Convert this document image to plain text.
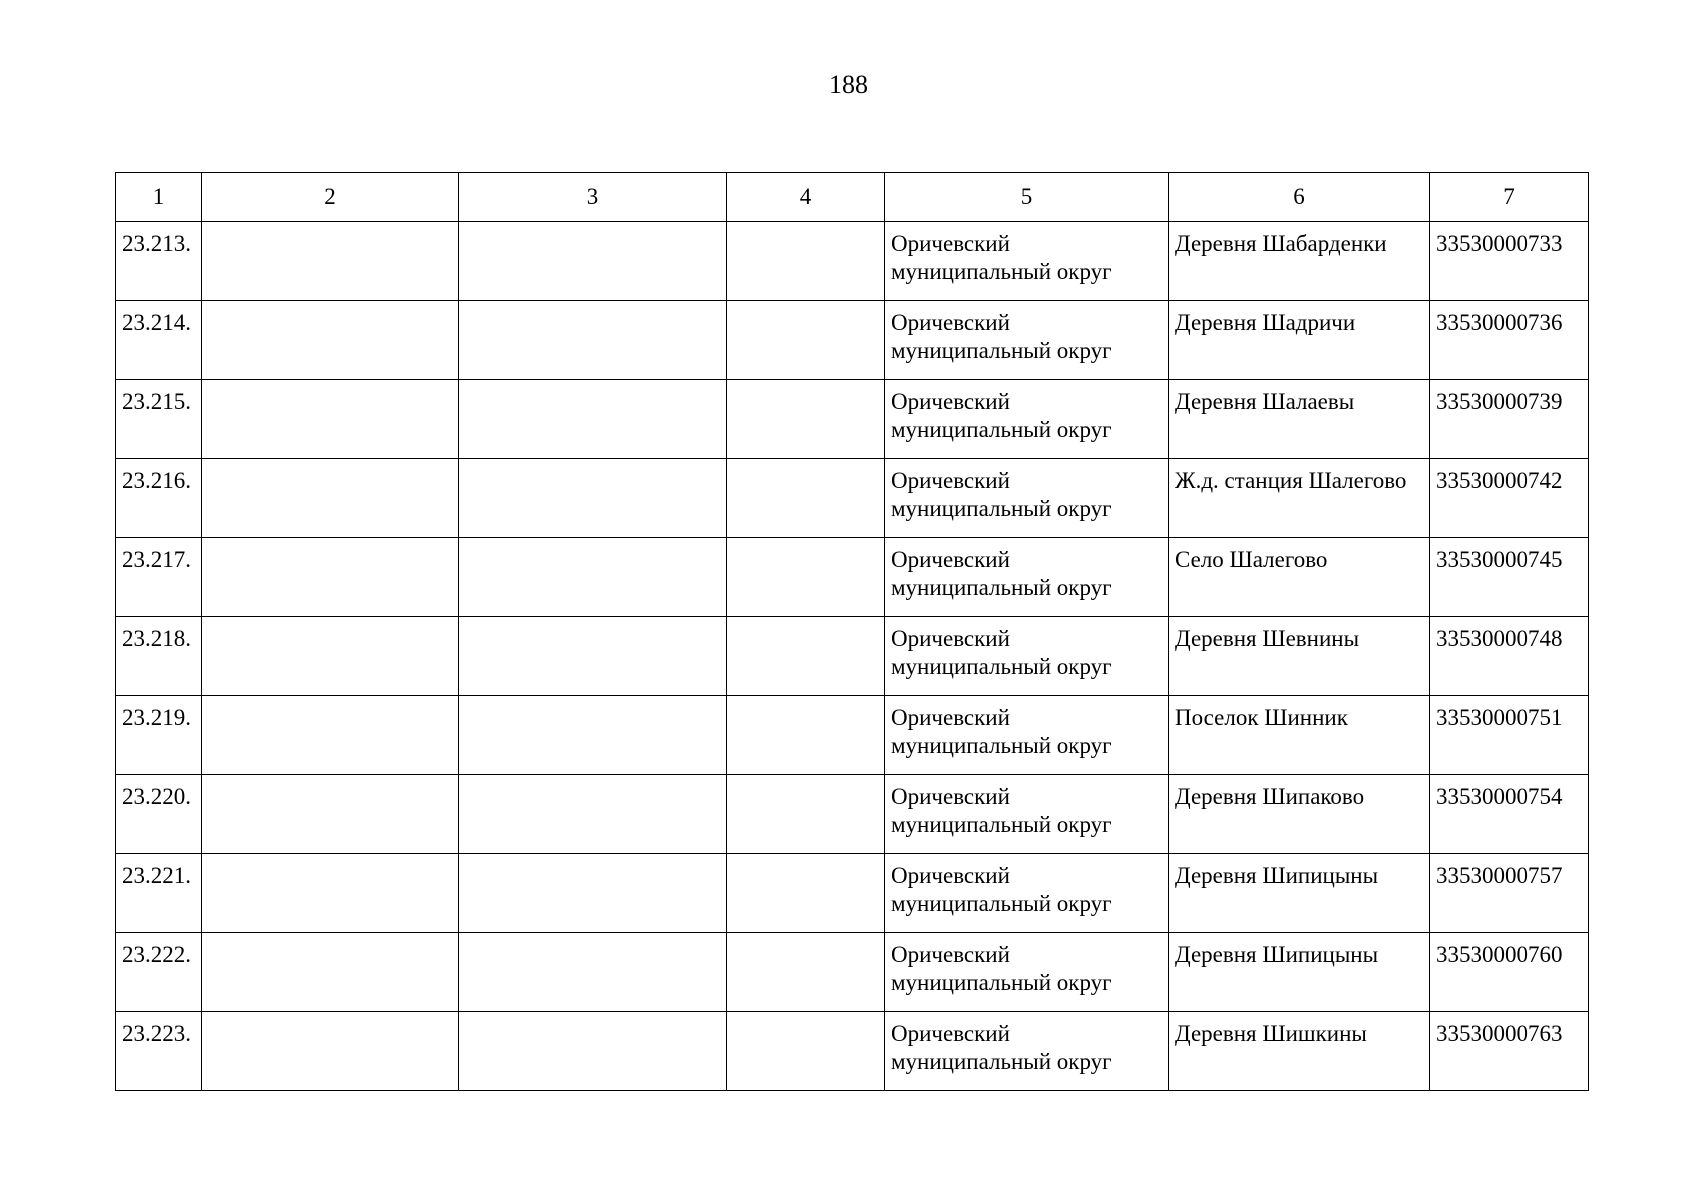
188
1	2	3	4	5	6	7

23.213.				Оричевский
муниципальный округ	Деревня Шабарденки	33530000733

23.214.				Оричевский
муниципальный округ	Деревня Шадричи	33530000736

23.215.				Оричевский
муниципальный округ	Деревня Шалаевы	33530000739

23.216.				Оричевский
муниципальный округ	Ж.д. станция Шалегово	33530000742

23.217.				Оричевский
муниципальный округ	Село Шалегово	33530000745

23.218.				Оричевский
муниципальный округ	Деревня Шевнины	33530000748

23.219.				Оричевский
муниципальный округ	Поселок Шинник	33530000751

23.220.				Оричевский
муниципальный округ	Деревня Шипаково	33530000754

23.221.				Оричевский
муниципальный округ	Деревня Шипицыны	33530000757

23.222.				Оричевский
муниципальный округ	Деревня Шипицыны	33530000760

23.223.				Оричевский
муниципальный округ	Деревня Шишкины	33530000763
